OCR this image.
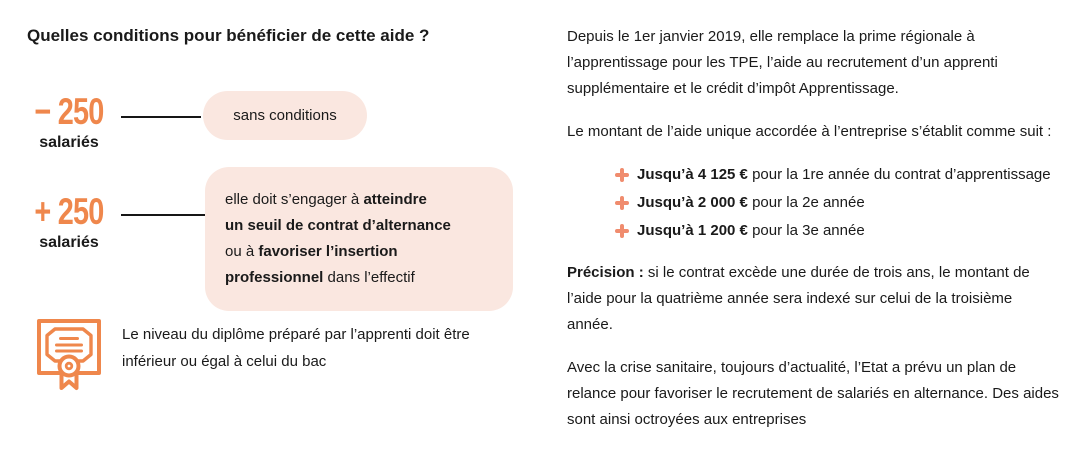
Quelles conditions pour bénéficier de cette aide ?
− 250
salariés
sans conditions
+ 250
salariés
elle doit s’engager à atteindre
un seuil de contrat d’alternance
ou à favoriser l’insertion
professionnel dans l’effectif
Le niveau du diplôme préparé par l’apprenti doit être inférieur ou égal à celui du bac

Depuis le 1er janvier 2019, elle remplace la prime régionale à l’apprentissage pour les TPE, l’aide au recrutement d’un apprenti supplémentaire et le crédit d’impôt Apprentissage.

Le montant de l’aide unique accordée à l’entreprise s’établit comme suit :

Jusqu’à 4 125 € pour la 1re année du contrat d’apprentissage
Jusqu’à 2 000 € pour la 2e année
Jusqu’à 1 200 € pour la 3e année

Précision : si le contrat excède une durée de trois ans, le montant de l’aide pour la quatrième année sera indexé sur celui de la troisième année.

Avec la crise sanitaire, toujours d’actualité, l’Etat a prévu un plan de relance pour favoriser le recrutement de salariés en alternance. Des aides sont ainsi octroyées aux entreprises
